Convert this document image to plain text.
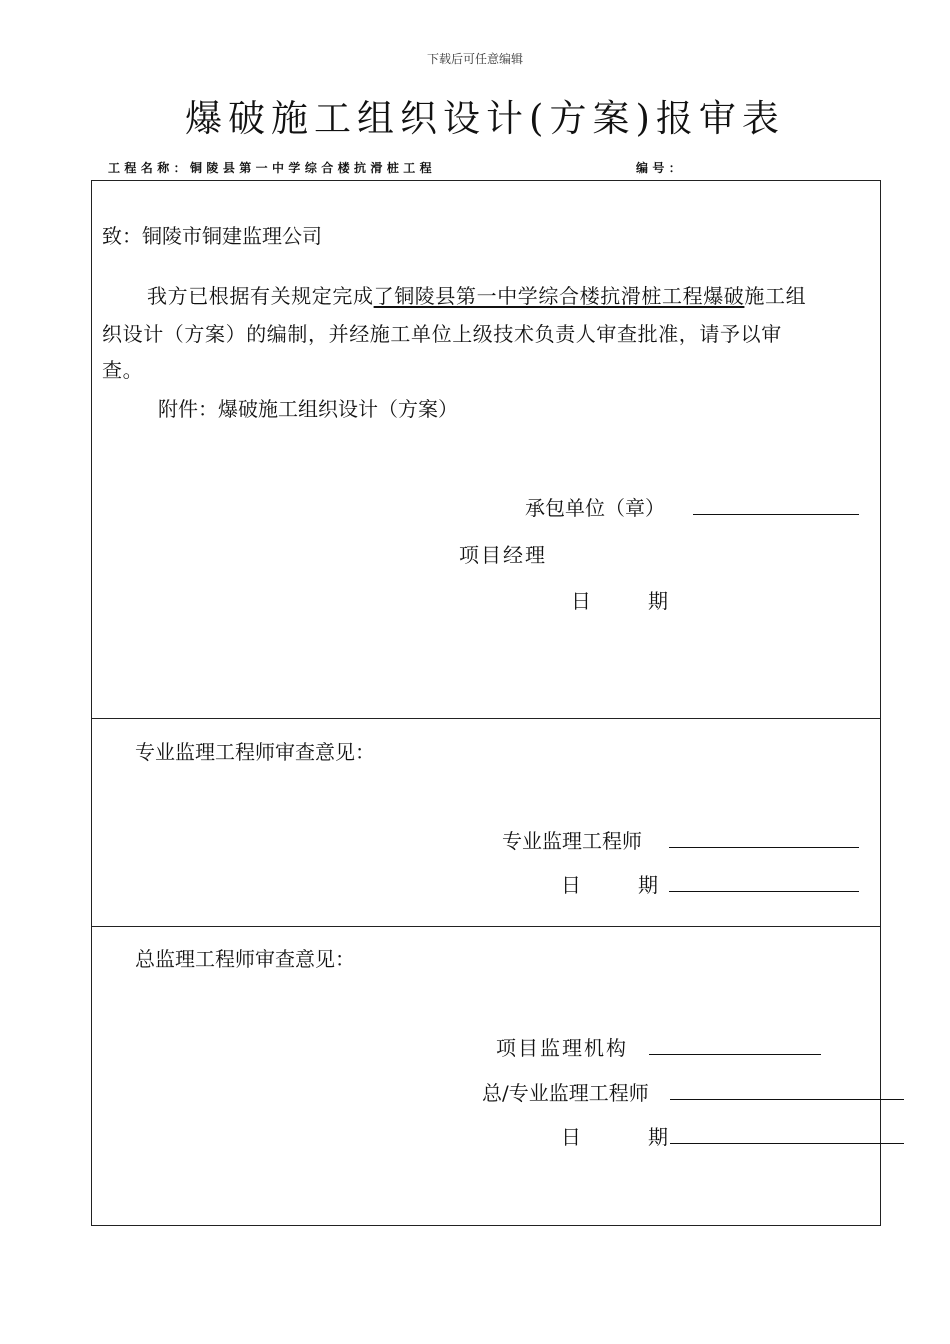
下载后可任意编辑
爆破施工组织设计(方案)报审表
工程名称：铜陵县第一中学综合楼抗滑桩工程	编号：
致：铜陵市铜建监理公司
我方已根据有关规定完成了铜陵县第一中学综合楼抗滑桩工程爆破施工组
织设计（方案）的编制，并经施工单位上级技术负责人审查批准，请予以审
查。
附件：爆破施工组织设计（方案）
承包单位（章）
项目经理
日	期
专业监理工程师审查意见：
专业监理工程师
日	期
总监理工程师审查意见：
项目监理机构
总/专业监理工程师
日	期
